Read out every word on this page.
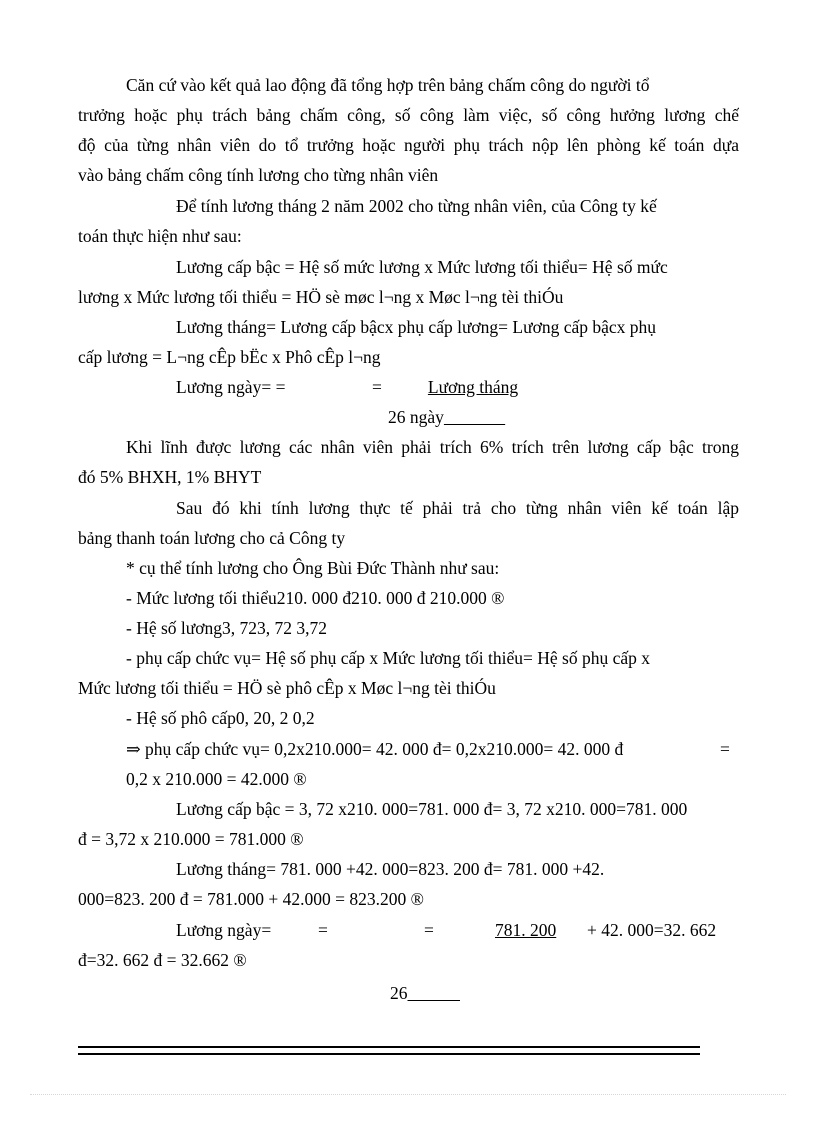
Căn cứ vào kết quả lao động đã tổng hợp trên bảng chấm công do người tổ
trưởng hoặc phụ trách bảng chấm công, số công làm việc, số công hưởng lương chế
độ của từng nhân viên do tổ trưởng hoặc người phụ trách nộp lên phòng kế toán dựa
vào bảng chấm công tính lương cho từng nhân viên
Để tính lương tháng 2 năm 2002 cho từng nhân viên, của Công ty kế
toán thực hiện như sau:
Lương cấp bậc = Hệ số mức lương x Mức lương tối thiểu= Hệ số mức
lương x Mức lương tối thiểu = HÖ sè møc l¬ng x Møc l¬ng tèi thiÓu
Lương tháng= Lương cấp bậcx phụ cấp lương= Lương cấp bậcx phụ
cấp lương = L¬ng cÊp bËc x Phô cÊp l¬ng
Lương ngày= =	=	Lương tháng
26 ngày
Khi lĩnh được lương các nhân viên phải trích 6% trích trên lương cấp bậc trong
đó 5% BHXH, 1% BHYT
Sau đó khi tính lương thực tế phải trả cho từng nhân viên kế toán lập
bảng thanh toán lương cho cả Công ty
* cụ thể tính lương cho Ông Bùi Đức Thành như sau:
- Mức lương tối thiểu210. 000 đ210. 000 đ 210.000 ®
- Hệ số lương3, 723, 72 3,72
- phụ cấp chức vụ= Hệ số phụ cấp x Mức lương tối thiểu= Hệ số phụ cấp x
Mức lương tối thiểu = HÖ sè phô cÊp x Møc l¬ng tèi thiÓu
- Hệ số phô cấp0, 20, 2 0,2
⇒ phụ cấp chức vụ= 0,2x210.000= 42. 000 đ= 0,2x210.000= 42. 000 đ	=
0,2 x 210.000 = 42.000 ®
Lương cấp bậc = 3, 72 x210. 000=781. 000 đ= 3, 72 x210. 000=781. 000
đ = 3,72 x 210.000 = 781.000 ®
Lương tháng= 781. 000 +42. 000=823. 200 đ= 781. 000 +42.
000=823. 200 đ = 781.000 + 42.000 = 823.200 ®
Lương ngày=	=	=	781. 200 + 42. 000=32. 662
đ=32. 662 đ = 32.662 ®
26
